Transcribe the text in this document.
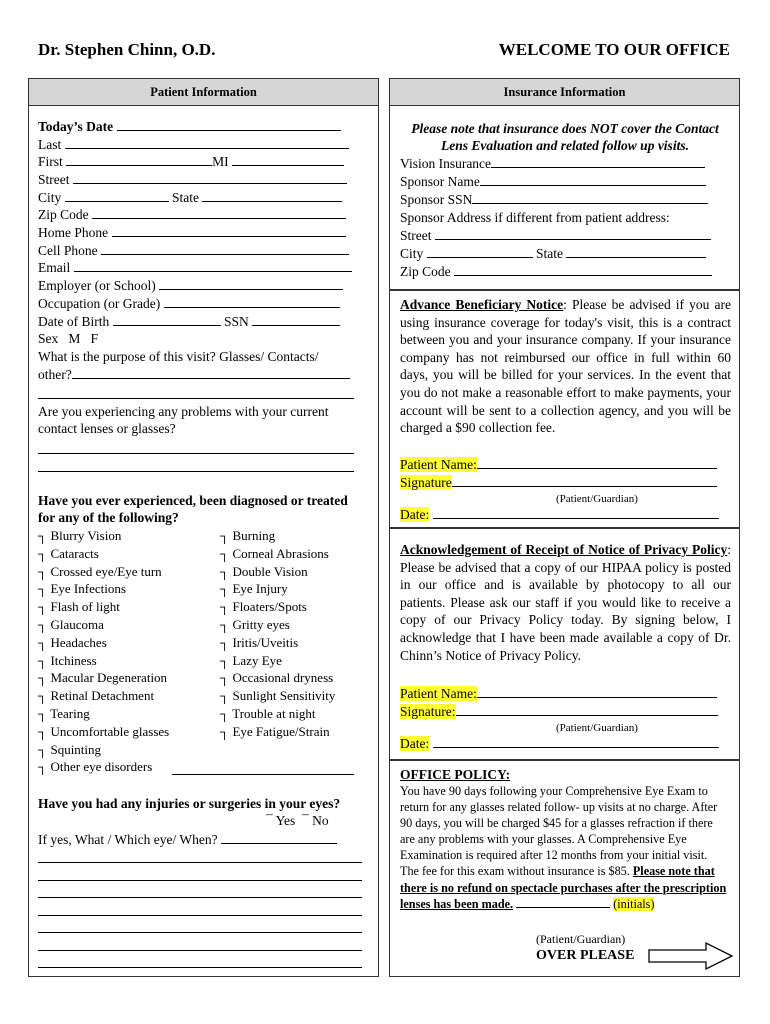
Dr. Stephen Chinn, O.D.	WELCOME TO OUR OFFICE
Patient Information
Today’s Date
Last
First	MI
Street
City	State
Zip Code
Home Phone
Cell Phone
Email
Employer (or School)
Occupation (or Grade)
Date of Birth	SSN
Sex   M   F
What is the purpose of this visit? Glasses/ Contacts/
other?
Are you experiencing any problems with your current contact lenses or glasses?
Have you ever experienced, been diagnosed or treated for any of the following?
┐ Blurry Vision
┐ Cataracts
┐ Crossed eye/Eye turn
┐ Eye Infections
┐ Flash of light
┐ Glaucoma
┐ Headaches
┐ Itchiness
┐ Macular Degeneration
┐ Retinal Detachment
┐ Tearing
┐ Uncomfortable glasses
┐ Squinting
┐ Other eye disorders
┐ Burning
┐ Corneal Abrasions
┐ Double Vision
┐ Eye Injury
┐ Floaters/Spots
┐ Gritty eyes
┐ Iritis/Uveitis
┐ Lazy Eye
┐ Occasional dryness
┐ Sunlight Sensitivity
┐ Trouble at night
┐ Eye Fatigue/Strain
Have you had any injuries or surgeries in your eyes?
¯ Yes ¯ No
If yes, What / Which eye/ When?
Insurance Information
Please note that insurance does NOT cover the Contact Lens Evaluation and related follow up visits.
Vision Insurance
Sponsor Name
Sponsor SSN
Sponsor Address if different from patient address:
Street
City	State
Zip Code
Advance Beneficiary Notice: Please be advised if you are using insurance coverage for today's visit, this is a contract between you and your insurance company. If your insurance company has not reimbursed our office in full within 60 days, you will be billed for your services. In the event that you do not make a reasonable effort to make payments, your account will be sent to a collection agency, and you will be charged a $90 collection fee.
Patient Name:
Signature
(Patient/Guardian)
Date:
Acknowledgement of Receipt of Notice of Privacy Policy: Please be advised that a copy of our HIPAA policy is posted in our office and is available by photocopy to all our patients. Please ask our staff if you would like to receive a copy of our Privacy Policy today. By signing below, I acknowledge that I have been made available a copy of Dr. Chinn’s Notice of Privacy Policy.
Patient Name:
Signature:
(Patient/Guardian)
Date:
OFFICE POLICY:
You have 90 days following your Comprehensive Eye Exam to return for any glasses related follow- up visits at no charge. After 90 days, you will be charged $45 for a glasses refraction if there are any problems with your glasses. A Comprehensive Eye Examination is required after 12 months from your initial visit. The fee for this exam without insurance is $85. Please note that there is no refund on spectacle purchases after the prescription lenses has been made.	(initials)
(Patient/Guardian)
OVER PLEASE
